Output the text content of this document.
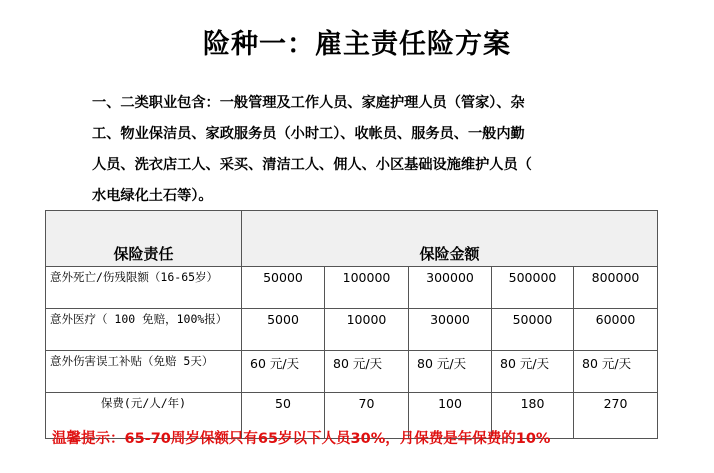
险种一：雇主责任险方案
一、二类职业包含：一般管理及工作人员、家庭护理人员（管家）、杂
工、物业保洁员、家政服务员（小时工）、收帐员、服务员、一般内勤
人员、洗衣店工人、采买、清洁工人、佣人、小区基础设施维护人员（
水电绿化土石等）。
保险责任	保险金额				
意外死亡/伤残限额（16-65岁）	50000	100000	300000	500000	800000
意外医疗（ 100 免赔，100%报）	5000	10000	30000	50000	60000
意外伤害误工补贴（免赔 5天）	60 元/天	80 元/天	80 元/天	80 元/天	80 元/天
保费(元/人/年)	50	70	100	180	270
温馨提示：65-70周岁保额只有65岁以下人员30%，月保费是年保费的10%
